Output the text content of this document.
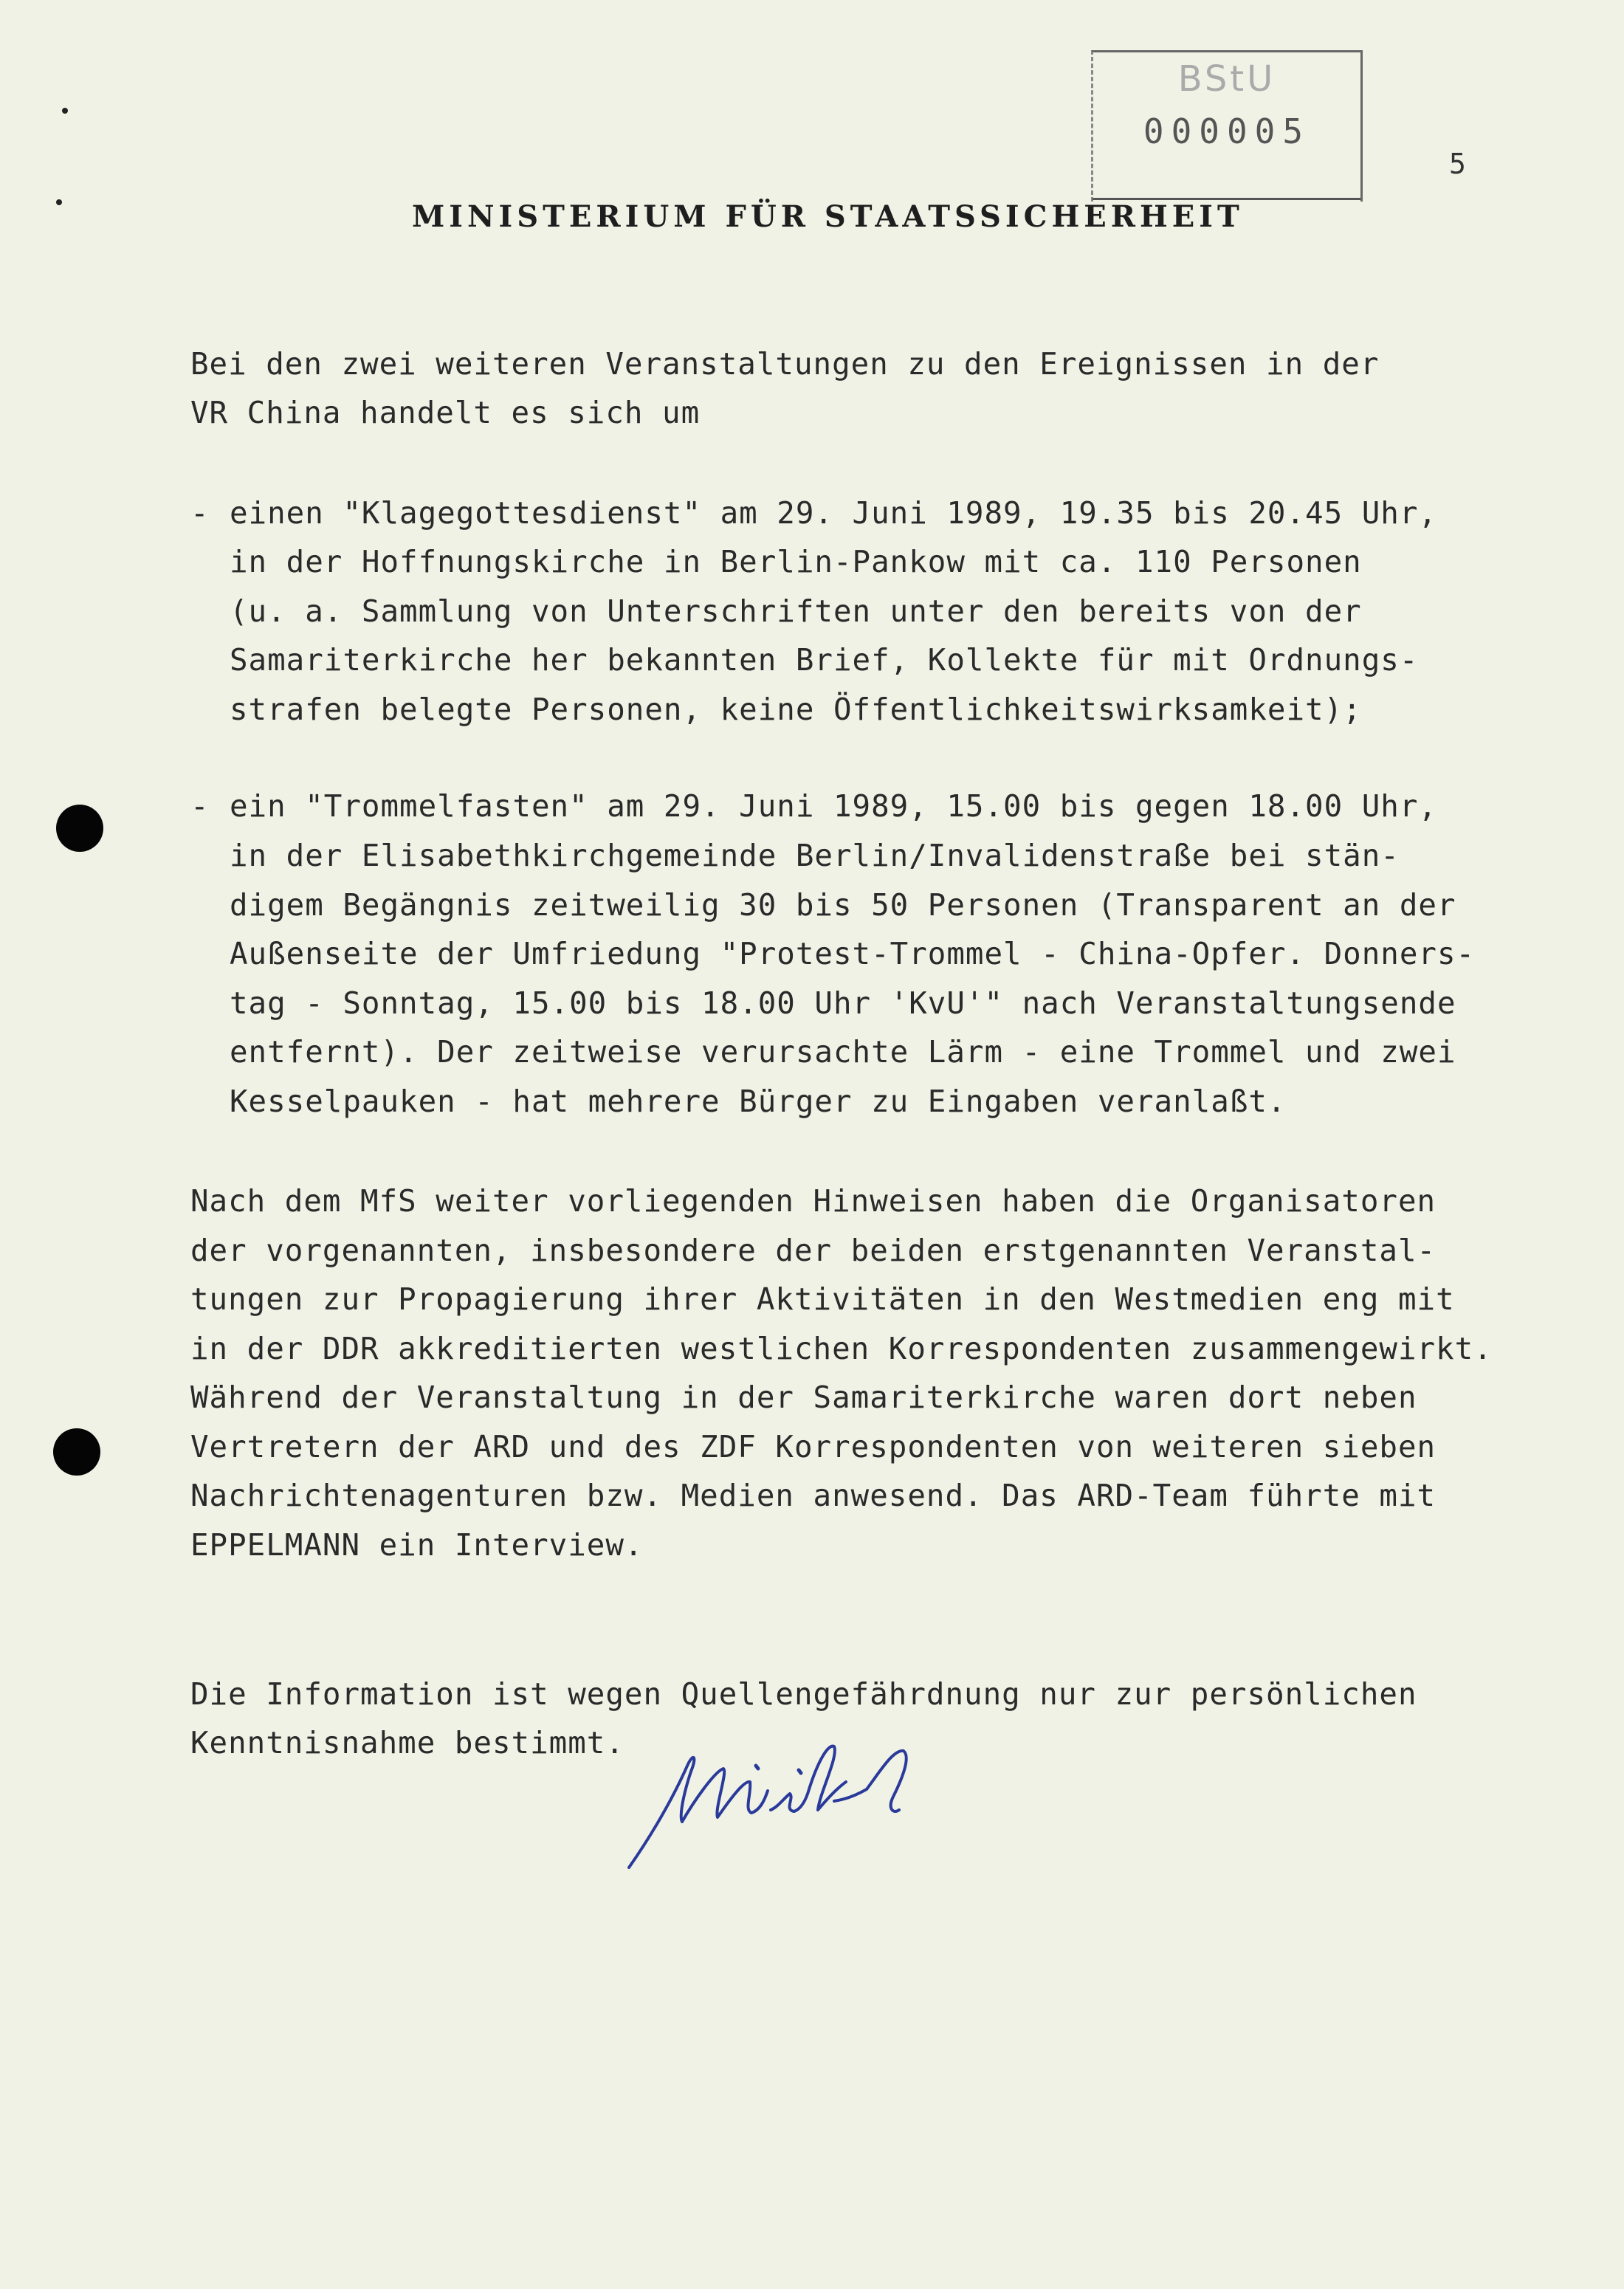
BStU
000005
5
MINISTERIUM FÜR STAATSSICHERHEIT

Bei den zwei weiteren Veranstaltungen zu den Ereignissen in der

VR China handelt es sich um

- einen "Klagegottesdienst" am 29. Juni 1989, 19.35 bis 20.45 Uhr,

in der Hoffnungskirche in Berlin-Pankow mit ca. 110 Personen

(u. a. Sammlung von Unterschriften unter den bereits von der

Samariterkirche her bekannten Brief, Kollekte für mit Ordnungs-

strafen belegte Personen, keine Öffentlichkeitswirksamkeit);

- ein "Trommelfasten" am 29. Juni 1989, 15.00 bis gegen 18.00 Uhr,

in der Elisabethkirchgemeinde Berlin/Invalidenstraße bei stän-

digem Begängnis zeitweilig 30 bis 50 Personen (Transparent an der

Außenseite der Umfriedung "Protest-Trommel - China-Opfer. Donners-

tag - Sonntag, 15.00 bis 18.00 Uhr 'KvU'" nach Veranstaltungsende

entfernt). Der zeitweise verursachte Lärm - eine Trommel und zwei

Kesselpauken - hat mehrere Bürger zu Eingaben veranlaßt.

Nach dem MfS weiter vorliegenden Hinweisen haben die Organisatoren

der vorgenannten, insbesondere der beiden erstgenannten Veranstal-

tungen zur Propagierung ihrer Aktivitäten in den Westmedien eng mit

in der DDR akkreditierten westlichen Korrespondenten zusammengewirkt.

Während der Veranstaltung in der Samariterkirche waren dort neben

Vertretern der ARD und des ZDF Korrespondenten von weiteren sieben

Nachrichtenagenturen bzw. Medien anwesend. Das ARD-Team führte mit

EPPELMANN ein Interview.

Die Information ist wegen Quellengefährdnung nur zur persönlichen

Kenntnisnahme bestimmt.
